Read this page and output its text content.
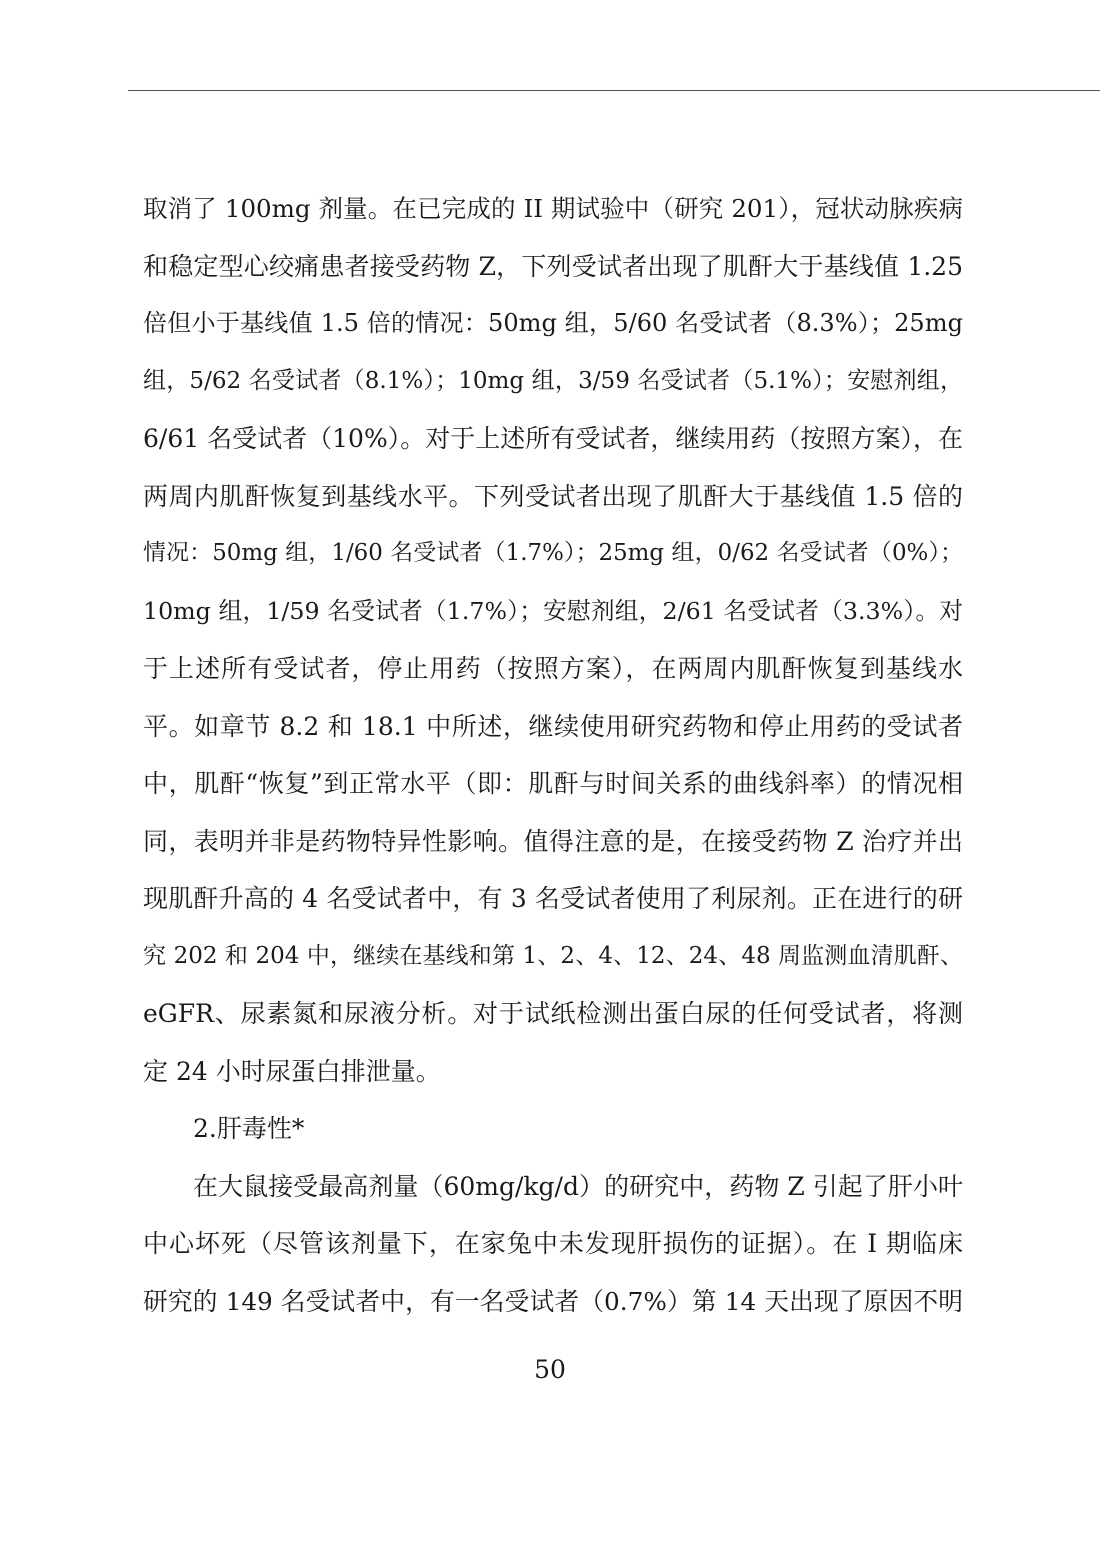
取消了 100mg 剂量。在已完成的 II 期试验中（研究 201），冠状动脉疾病
和稳定型心绞痛患者接受药物 Z，下列受试者出现了肌酐大于基线值 1.25
倍但小于基线值 1.5 倍的情况：50mg 组，5/60 名受试者（8.3%）；25mg
组，5/62 名受试者（8.1%）；10mg 组，3/59 名受试者（5.1%）；安慰剂组，
6/61 名受试者（10%）。对于上述所有受试者，继续用药（按照方案），在
两周内肌酐恢复到基线水平。下列受试者出现了肌酐大于基线值 1.5 倍的
情况：50mg 组，1/60 名受试者（1.7%）；25mg 组，0/62 名受试者（0%）；
10mg 组，1/59 名受试者（1.7%）；安慰剂组，2/61 名受试者（3.3%）。对
于上述所有受试者，停止用药（按照方案），在两周内肌酐恢复到基线水
平。如章节 8.2 和 18.1 中所述，继续使用研究药物和停止用药的受试者
中，肌酐“恢复”到正常水平（即：肌酐与时间关系的曲线斜率）的情况相
同，表明并非是药物特异性影响。值得注意的是，在接受药物 Z 治疗并出
现肌酐升高的 4 名受试者中，有 3 名受试者使用了利尿剂。正在进行的研
究 202 和 204 中，继续在基线和第 1、2、4、12、24、48 周监测血清肌酐、
eGFR、尿素氮和尿液分析。对于试纸检测出蛋白尿的任何受试者，将测
定 24 小时尿蛋白排泄量。
2.肝毒性*
在大鼠接受最高剂量（60mg/kg/d）的研究中，药物 Z 引起了肝小叶
中心坏死（尽管该剂量下，在家兔中未发现肝损伤的证据）。在 I 期临床
研究的 149 名受试者中，有一名受试者（0.7%）第 14 天出现了原因不明
50
